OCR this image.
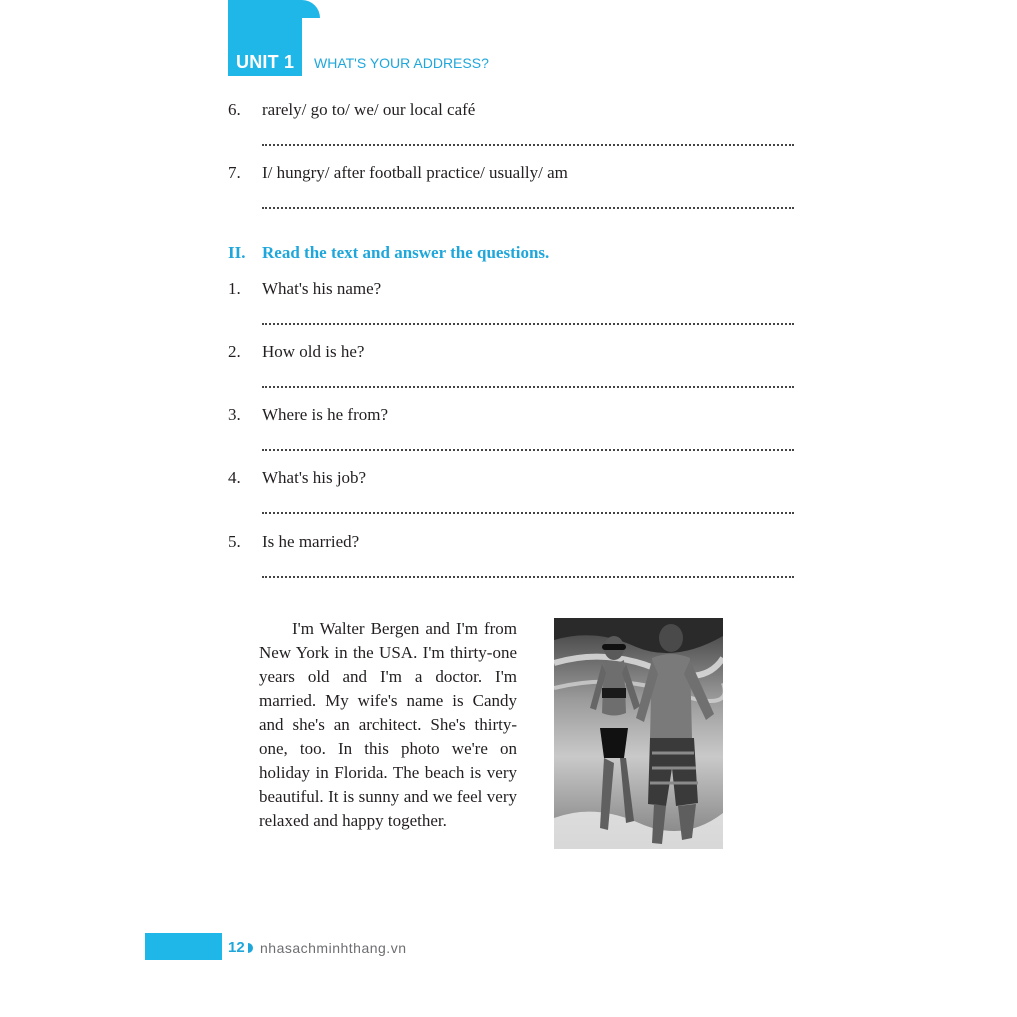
UNIT 1 WHAT'S YOUR ADDRESS?
6.	rarely/ go to/ we/ our local café
7.	I/ hungry/ after football practice/ usually/ am
II. Read the text and answer the questions.
1.	What's his name?
2.	How old is he?
3.	Where is he from?
4.	What's his job?
5.	Is he married?

I'm Walter Bergen and I'm from New York in the USA. I'm thirty-one years old and I'm a doctor. I'm married. My wife's name is Candy and she's an architect. She's thirty-one, too. In this photo we're on holiday in Florida. The beach is very beautiful. It is sunny and we feel very relaxed and happy together.

12 nhasachminhthang.vn
